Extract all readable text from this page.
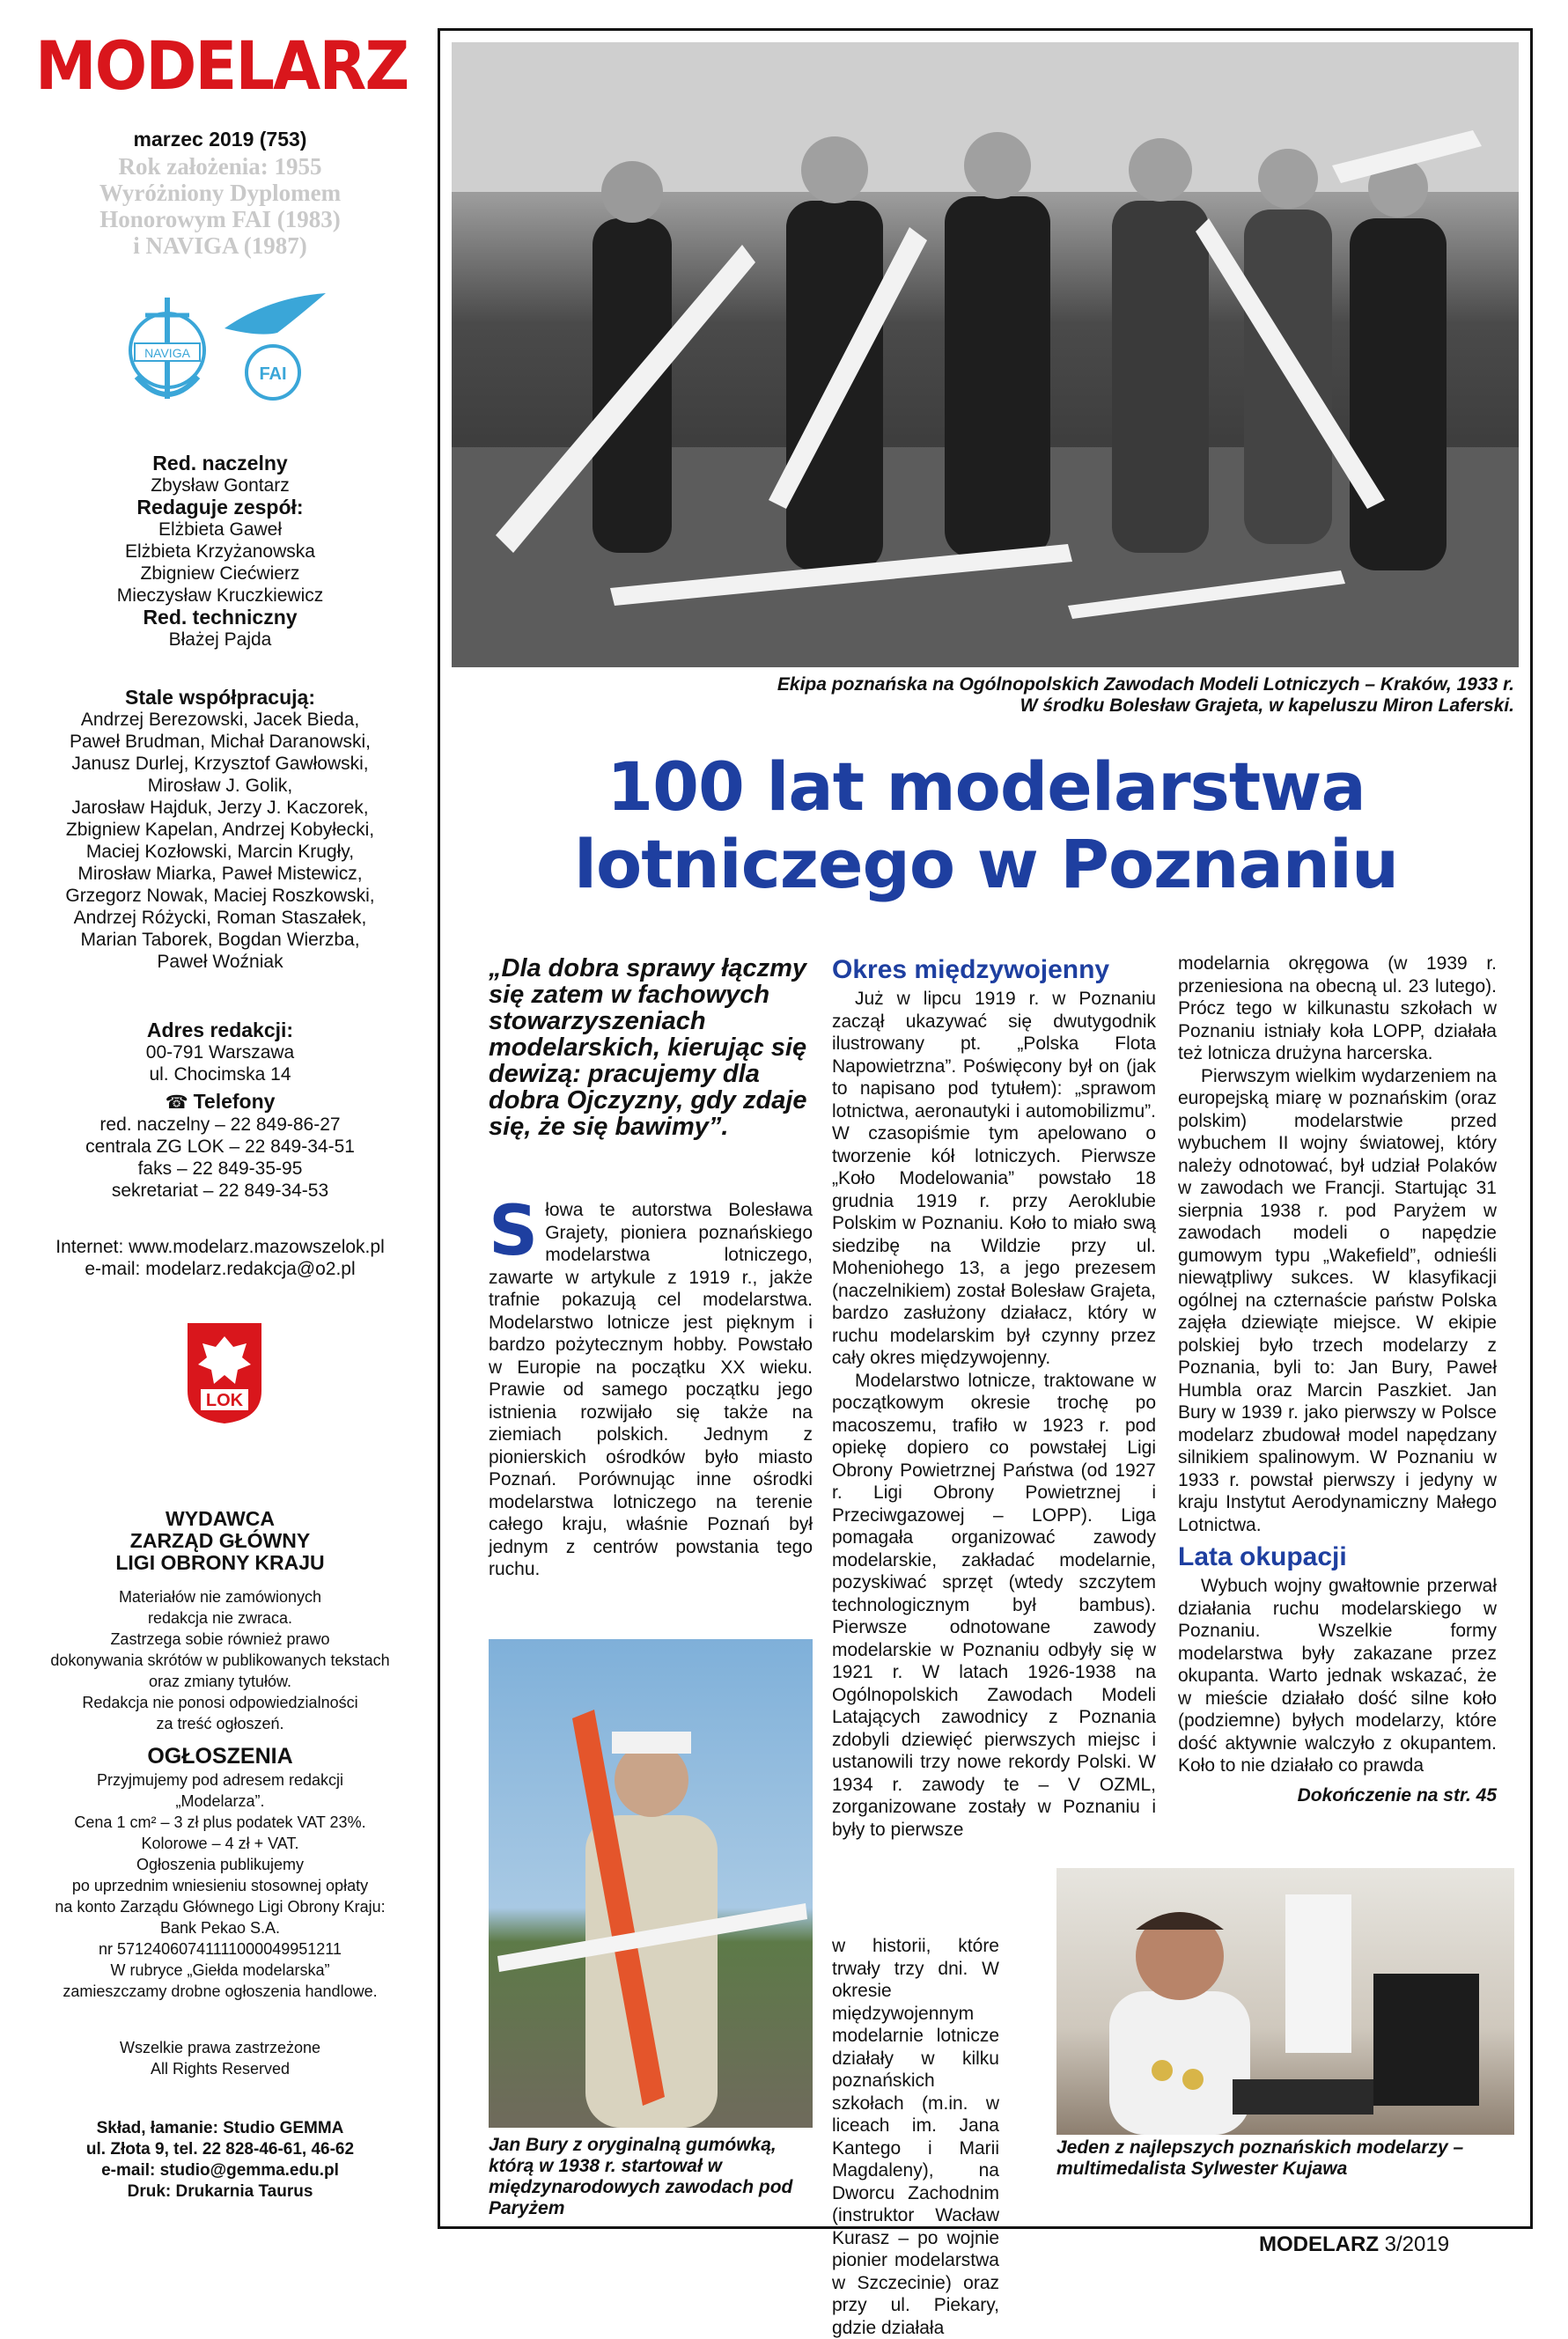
MODELARZ
marzec 2019 (753)
Rok założenia: 1955
Wyróżniony Dyplomem
Honorowym FAI (1983)
i NAVIGA (1987)
NAVIGA
FAI
Red. naczelny
Zbysław Gontarz
Redaguje zespół:
Elżbieta Gaweł
Elżbieta Krzyżanowska
Zbigniew Ciećwierz
Mieczysław Kruczkiewicz
Red. techniczny
Błażej Pajda
Stale współpracują:
Andrzej Berezowski, Jacek Bieda,
Paweł Brudman, Michał Daranowski,
Janusz Durlej, Krzysztof Gawłowski,
Mirosław J. Golik,
Jarosław Hajduk, Jerzy J. Kaczorek,
Zbigniew Kapelan, Andrzej Kobyłecki,
Maciej Kozłowski, Marcin Krugły,
Mirosław Miarka, Paweł Mistewicz,
Grzegorz Nowak, Maciej Roszkowski,
Andrzej Różycki, Roman Staszałek,
Marian Taborek, Bogdan Wierzba,
Paweł Woźniak
Adres redakcji:
00-791 Warszawa
ul. Chocimska 14
☎ Telefony
red. naczelny – 22 849-86-27
centrala ZG LOK – 22 849-34-51
faks – 22 849-35-95
sekretariat – 22 849-34-53
Internet: www.modelarz.mazowszelok.pl
e-mail: modelarz.redakcja@o2.pl
LOK
WYDAWCA
ZARZĄD GŁÓWNY
LIGI OBRONY KRAJU
Materiałów nie zamówionych
redakcja nie zwraca.
Zastrzega sobie również prawo
dokonywania skrótów w publikowanych tekstach
oraz zmiany tytułów.
Redakcja nie ponosi odpowiedzialności
za treść ogłoszeń.
OGŁOSZENIA
Przyjmujemy pod adresem redakcji
„Modelarza”.
Cena 1 cm² – 3 zł plus podatek VAT 23%.
Kolorowe – 4 zł + VAT.
Ogłoszenia publikujemy
po uprzednim wniesieniu stosownej opłaty
na konto Zarządu Głównego Ligi Obrony Kraju:
Bank Pekao S.A.
nr 57124060741111000049951211
W rubryce „Giełda modelarska”
zamieszczamy drobne ogłoszenia handlowe.
Wszelkie prawa zastrzeżone
All Rights Reserved
Skład, łamanie: Studio GEMMA
ul. Złota 9, tel. 22 828-46-61, 46-62
e-mail: studio@gemma.edu.pl
Druk: Drukarnia Taurus
Ekipa poznańska na Ogólnopolskich Zawodach Modeli Lotniczych – Kraków, 1933 r.
W środku Bolesław Grajeta, w kapeluszu Miron Laferski.
100 lat modelarstwa
lotniczego w Poznaniu
„Dla dobra sprawy łączmy się zatem w fachowych stowarzyszeniach modelarskich, kierując się dewizą: pracujemy dla dobra Ojczyzny, gdy zdaje się, że się bawimy”.
Słowa te autorstwa Bolesława Grajety, pioniera poznańskiego modelarstwa lotniczego, zawarte w artykule z 1919 r., jakże trafnie pokazują cel modelarstwa. Modelarstwo lotnicze jest pięknym i bardzo pożytecznym hobby. Powstało w Europie na początku XX wieku. Prawie od samego początku jego istnienia rozwijało się także na ziemiach polskich. Jednym z pionierskich ośrodków było miasto Poznań. Porównując inne ośrodki modelarstwa lotniczego na terenie całego kraju, właśnie Poznań był jednym z centrów powstania tego ruchu.
Jan Bury z oryginalną gumówką, którą w 1938 r. startował w międzynarodowych zawodach pod Paryżem
Okres międzywojenny

Już w lipcu 1919 r. w Poznaniu zaczął ukazywać się dwutygodnik ilustrowany pt. „Polska Flota Napowietrzna”. Poświęcony był on (jak to napisano pod tytułem): „sprawom lotnictwa, aeronautyki i automobilizmu”. W czasopiśmie tym apelowano o tworzenie kół lotniczych. Pierwsze „Koło Modelowania” powstało 18 grudnia 1919 r. przy Aeroklubie Polskim w Poznaniu. Koło to miało swą siedzibę na Wildzie przy ul. Moheniohego 13, a jego prezesem (naczelnikiem) został Bolesław Grajeta, bardzo zasłużony działacz, który w ruchu modelarskim był czynny przez cały okres międzywojenny.

Modelarstwo lotnicze, traktowane w początkowym okresie trochę po macoszemu, trafiło w 1923 r. pod opiekę dopiero co powstałej Ligi Obrony Powietrznej Państwa (od 1927 r. Ligi Obrony Powietrznej i Przeciwgazowej – LOPP). Liga pomagała organizować zawody modelarskie, zakładać modelarnie, pozyskiwać sprzęt (wtedy szczytem technologicznym był bambus). Pierwsze odnotowane zawody modelarskie w Poznaniu odbyły się w 1921 r. W latach 1926-1938 na Ogólnopolskich Zawodach Modeli Latających zawodnicy z Poznania zdobyli dziewięć pierwszych miejsc i ustanowili trzy nowe rekordy Polski. W 1934 r. zawody te – V OZML, zorganizowane zostały w Poznaniu i były to pierwsze

w historii, które trwały trzy dni. W okresie międzywojennym modelarnie lotnicze działały w kilku poznańskich szkołach (m.in. w liceach im. Jana Kantego i Marii Magdaleny), na Dworcu Zachodnim (instruktor Wacław Kurasz – po wojnie pionier modelarstwa w Szczecinie) oraz przy ul. Piekary, gdzie działała
modelarnia okręgowa (w 1939 r. przeniesiona na obecną ul. 23 lutego). Prócz tego w kilkunastu szkołach w Poznaniu istniały koła LOPP, działała też lotnicza drużyna harcerska.

Pierwszym wielkim wydarzeniem na europejską miarę w poznańskim (oraz polskim) modelarstwie przed wybuchem II wojny światowej, który należy odnotować, był udział Polaków w zawodach we Francji. Startując 31 sierpnia 1938 r. pod Paryżem w zawodach modeli o napędzie gumowym typu „Wakefield”, odnieśli niewątpliwy sukces. W klasyfikacji ogólnej na czternaście państw Polska zajęła dziewiąte miejsce. W ekipie polskiej było trzech modelarzy z Poznania, byli to: Jan Bury, Paweł Humbla oraz Marcin Paszkiet. Jan Bury w 1939 r. jako pierwszy w Polsce modelarz zbudował model napędzany silnikiem spalinowym. W Poznaniu w 1933 r. powstał pierwszy i jedyny w kraju Instytut Aerodynamiczny Małego Lotnictwa.

Lata okupacji

Wybuch wojny gwałtownie przerwał działania ruchu modelarskiego w Poznaniu. Wszelkie formy modelarstwa były zakazane przez okupanta. Warto jednak wskazać, że w mieście działało dość silne koło (podziemne) byłych modelarzy, które dość aktywnie walczyło z okupantem. Koło to nie działało co prawda

Dokończenie na str. 45
Jeden z najlepszych poznańskich modelarzy –
multimedalista Sylwester Kujawa
MODELARZ 3/2019
